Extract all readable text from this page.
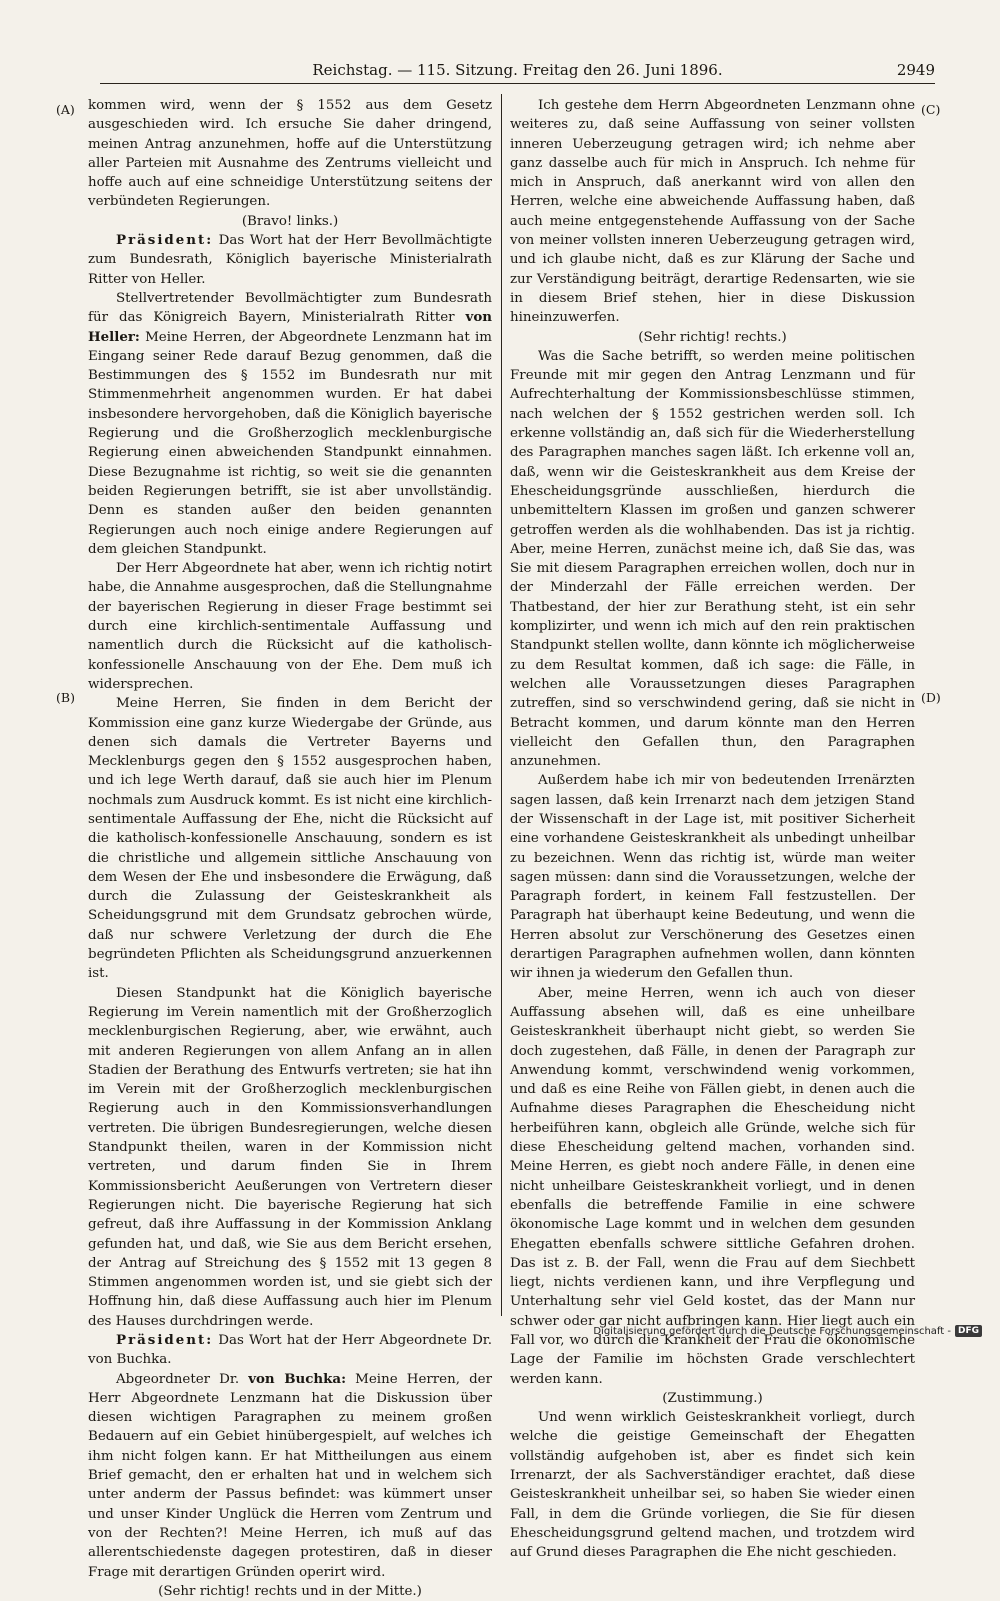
Reichstag. — 115. Sitzung. Freitag den 26. Juni 1896.	2949
(A)
(B)
(C)
(D)

kommen wird, wenn der § 1552 aus dem Gesetz ausgeschieden wird. Ich ersuche Sie daher dringend, meinen Antrag anzunehmen, hoffe auf die Unterstützung aller Parteien mit Ausnahme des Zentrums vielleicht und hoffe auch auf eine schneidige Unterstützung seitens der verbündeten Regierungen.

(Bravo! links.)

Präsident: Das Wort hat der Herr Bevollmächtigte zum Bundesrath, Königlich bayerische Ministerialrath Ritter von Heller.

Stellvertretender Bevollmächtigter zum Bundesrath für das Königreich Bayern, Ministerialrath Ritter von Heller: Meine Herren, der Abgeordnete Lenzmann hat im Eingang seiner Rede darauf Bezug genommen, daß die Bestimmungen des § 1552 im Bundesrath nur mit Stimmenmehrheit angenommen wurden. Er hat dabei insbesondere hervorgehoben, daß die Königlich bayerische Regierung und die Großherzoglich mecklenburgische Regierung einen abweichenden Standpunkt einnahmen. Diese Bezugnahme ist richtig, so weit sie die genannten beiden Regierungen betrifft, sie ist aber unvollständig. Denn es standen außer den beiden genannten Regierungen auch noch einige andere Regierungen auf dem gleichen Standpunkt.

Der Herr Abgeordnete hat aber, wenn ich richtig notirt habe, die Annahme ausgesprochen, daß die Stellungnahme der bayerischen Regierung in dieser Frage bestimmt sei durch eine kirchlich-sentimentale Auffassung und namentlich durch die Rücksicht auf die katholisch-konfessionelle Anschauung von der Ehe. Dem muß ich widersprechen.

Meine Herren, Sie finden in dem Bericht der Kommission eine ganz kurze Wiedergabe der Gründe, aus denen sich damals die Vertreter Bayerns und Mecklenburgs gegen den § 1552 ausgesprochen haben, und ich lege Werth darauf, daß sie auch hier im Plenum nochmals zum Ausdruck kommt. Es ist nicht eine kirchlich-sentimentale Auffassung der Ehe, nicht die Rücksicht auf die katholisch-konfessionelle Anschauung, sondern es ist die christliche und allgemein sittliche Anschauung von dem Wesen der Ehe und insbesondere die Erwägung, daß durch die Zulassung der Geisteskrankheit als Scheidungsgrund mit dem Grundsatz gebrochen würde, daß nur schwere Verletzung der durch die Ehe begründeten Pflichten als Scheidungsgrund anzuerkennen ist.

Diesen Standpunkt hat die Königlich bayerische Regierung im Verein namentlich mit der Großherzoglich mecklenburgischen Regierung, aber, wie erwähnt, auch mit anderen Regierungen von allem Anfang an in allen Stadien der Berathung des Entwurfs vertreten; sie hat ihn im Verein mit der Großherzoglich mecklenburgischen Regierung auch in den Kommissionsverhandlungen vertreten. Die übrigen Bundesregierungen, welche diesen Standpunkt theilen, waren in der Kommission nicht vertreten, und darum finden Sie in Ihrem Kommissionsbericht Aeußerungen von Vertretern dieser Regierungen nicht. Die bayerische Regierung hat sich gefreut, daß ihre Auffassung in der Kommission Anklang gefunden hat, und daß, wie Sie aus dem Bericht ersehen, der Antrag auf Streichung des § 1552 mit 13 gegen 8 Stimmen angenommen worden ist, und sie giebt sich der Hoffnung hin, daß diese Auffassung auch hier im Plenum des Hauses durchdringen werde.

Präsident: Das Wort hat der Herr Abgeordnete Dr. von Buchka.

Abgeordneter Dr. von Buchka: Meine Herren, der Herr Abgeordnete Lenzmann hat die Diskussion über diesen wichtigen Paragraphen zu meinem großen Bedauern auf ein Gebiet hinübergespielt, auf welches ich ihm nicht folgen kann. Er hat Mittheilungen aus einem Brief gemacht, den er erhalten hat und in welchem sich unter anderm der Passus befindet: was kümmert unser und unser Kinder Unglück die Herren vom Zentrum und von der Rechten?! Meine Herren, ich muß auf das allerentschiedenste dagegen protestiren, daß in dieser Frage mit derartigen Gründen operirt wird.

(Sehr richtig! rechts und in der Mitte.)

Ich gestehe dem Herrn Abgeordneten Lenzmann ohne weiteres zu, daß seine Auffassung von seiner vollsten inneren Ueberzeugung getragen wird; ich nehme aber ganz dasselbe auch für mich in Anspruch. Ich nehme für mich in Anspruch, daß anerkannt wird von allen den Herren, welche eine abweichende Auffassung haben, daß auch meine entgegenstehende Auffassung von der Sache von meiner vollsten inneren Ueberzeugung getragen wird, und ich glaube nicht, daß es zur Klärung der Sache und zur Verständigung beiträgt, derartige Redensarten, wie sie in diesem Brief stehen, hier in diese Diskussion hineinzuwerfen.

(Sehr richtig! rechts.)

Was die Sache betrifft, so werden meine politischen Freunde mit mir gegen den Antrag Lenzmann und für Aufrechterhaltung der Kommissionsbeschlüsse stimmen, nach welchen der § 1552 gestrichen werden soll. Ich erkenne vollständig an, daß sich für die Wiederherstellung des Paragraphen manches sagen läßt. Ich erkenne voll an, daß, wenn wir die Geisteskrankheit aus dem Kreise der Ehescheidungsgründe ausschließen, hierdurch die unbemitteltern Klassen im großen und ganzen schwerer getroffen werden als die wohlhabenden. Das ist ja richtig. Aber, meine Herren, zunächst meine ich, daß Sie das, was Sie mit diesem Paragraphen erreichen wollen, doch nur in der Minderzahl der Fälle erreichen werden. Der Thatbestand, der hier zur Berathung steht, ist ein sehr komplizirter, und wenn ich mich auf den rein praktischen Standpunkt stellen wollte, dann könnte ich möglicherweise zu dem Resultat kommen, daß ich sage: die Fälle, in welchen alle Voraussetzungen dieses Paragraphen zutreffen, sind so verschwindend gering, daß sie nicht in Betracht kommen, und darum könnte man den Herren vielleicht den Gefallen thun, den Paragraphen anzunehmen.

Außerdem habe ich mir von bedeutenden Irrenärzten sagen lassen, daß kein Irrenarzt nach dem jetzigen Stand der Wissenschaft in der Lage ist, mit positiver Sicherheit eine vorhandene Geisteskrankheit als unbedingt unheilbar zu bezeichnen. Wenn das richtig ist, würde man weiter sagen müssen: dann sind die Voraussetzungen, welche der Paragraph fordert, in keinem Fall festzustellen. Der Paragraph hat überhaupt keine Bedeutung, und wenn die Herren absolut zur Verschönerung des Gesetzes einen derartigen Paragraphen aufnehmen wollen, dann könnten wir ihnen ja wiederum den Gefallen thun.

Aber, meine Herren, wenn ich auch von dieser Auffassung absehen will, daß es eine unheilbare Geisteskrankheit überhaupt nicht giebt, so werden Sie doch zugestehen, daß Fälle, in denen der Paragraph zur Anwendung kommt, verschwindend wenig vorkommen, und daß es eine Reihe von Fällen giebt, in denen auch die Aufnahme dieses Paragraphen die Ehescheidung nicht herbeiführen kann, obgleich alle Gründe, welche sich für diese Ehescheidung geltend machen, vorhanden sind. Meine Herren, es giebt noch andere Fälle, in denen eine nicht unheilbare Geisteskrankheit vorliegt, und in denen ebenfalls die betreffende Familie in eine schwere ökonomische Lage kommt und in welchen dem gesunden Ehegatten ebenfalls schwere sittliche Gefahren drohen. Das ist z. B. der Fall, wenn die Frau auf dem Siechbett liegt, nichts verdienen kann, und ihre Verpflegung und Unterhaltung sehr viel Geld kostet, das der Mann nur schwer oder gar nicht aufbringen kann. Hier liegt auch ein Fall vor, wo durch die Krankheit der Frau die ökonomische Lage der Familie im höchsten Grade verschlechtert werden kann.

(Zustimmung.)

Und wenn wirklich Geisteskrankheit vorliegt, durch welche die geistige Gemeinschaft der Ehegatten vollständig aufgehoben ist, aber es findet sich kein Irrenarzt, der als Sachverständiger erachtet, daß diese Geisteskrankheit unheilbar sei, so haben Sie wieder einen Fall, in dem die Gründe vorliegen, die Sie für diesen Ehescheidungsgrund geltend machen, und trotzdem wird auf Grund dieses Paragraphen die Ehe nicht geschieden.

Digitalisierung gefördert durch die Deutsche Forschungsgemeinschaft - DFG
